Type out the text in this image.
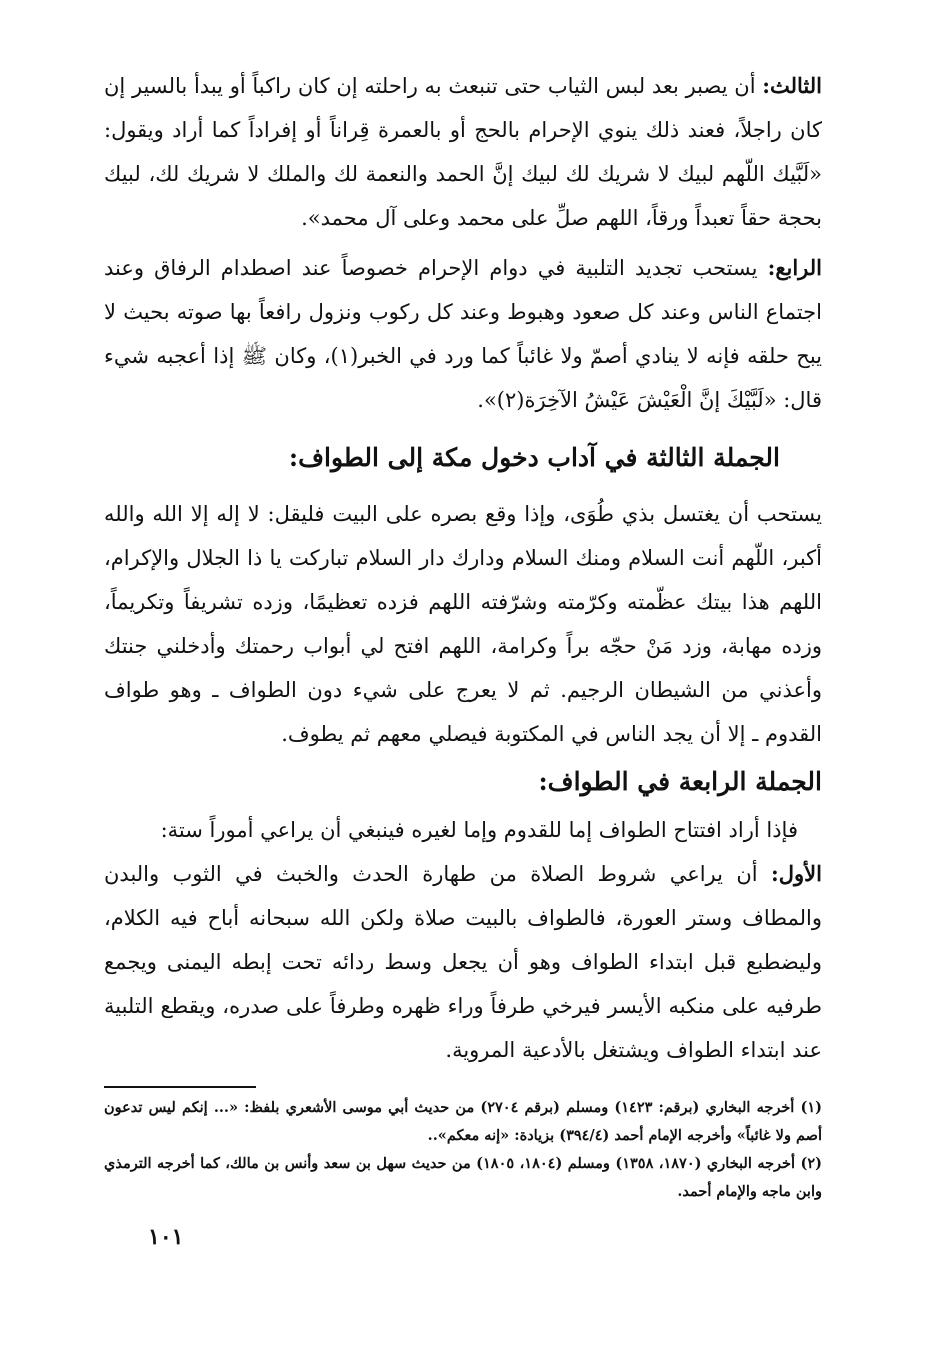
الثالث: أن يصبر بعد لبس الثياب حتى تنبعث به راحلته إن كان راكباً أو يبدأ بالسير إن كان راجلاً، فعند ذلك ينوي الإحرام بالحج أو بالعمرة قِراناً أو إفراداً كما أراد ويقول: «لَبَّيك اللّهم لبيك لا شريك لك لبيك إنَّ الحمد والنعمة لك والملك لا شريك لك، لبيك بحجة حقاً تعبداً ورقاً، اللهم صلِّ على محمد وعلى آل محمد».

الرابع: يستحب تجديد التلبية في دوام الإحرام خصوصاً عند اصطدام الرفاق وعند اجتماع الناس وعند كل صعود وهبوط وعند كل ركوب ونزول رافعاً بها صوته بحيث لا يبح حلقه فإنه لا ينادي أصمّ ولا غائباً كما ورد في الخبر(١)، وكان ﷺ إذا أعجبه شيء قال: «لَبَّيْكَ إنَّ الْعَيْشَ عَيْشُ الآخِرَة(٢)».

الجملة الثالثة في آداب دخول مكة إلى الطواف:

يستحب أن يغتسل بذي طُوَى، وإذا وقع بصره على البيت فليقل: لا إله إلا الله والله أكبر، اللّهم أنت السلام ومنك السلام ودارك دار السلام تباركت يا ذا الجلال والإكرام، اللهم هذا بيتك عظّمته وكرّمته وشرّفته اللهم فزده تعظيمًا، وزده تشريفاً وتكريماً، وزده مهابة، وزد مَنْ حجّه براً وكرامة، اللهم افتح لي أبواب رحمتك وأدخلني جنتك وأعذني من الشيطان الرجيم. ثم لا يعرج على شيء دون الطواف ـ وهو طواف القدوم ـ إلا أن يجد الناس في المكتوبة فيصلي معهم ثم يطوف.

الجملة الرابعة في الطواف:

فإذا أراد افتتاح الطواف إما للقدوم وإما لغيره فينبغي أن يراعي أموراً ستة:

الأول: أن يراعي شروط الصلاة من طهارة الحدث والخبث في الثوب والبدن والمطاف وستر العورة، فالطواف بالبيت صلاة ولكن الله سبحانه أباح فيه الكلام، وليضطبع قبل ابتداء الطواف وهو أن يجعل وسط ردائه تحت إبطه اليمنى ويجمع طرفيه على منكبه الأيسر فيرخي طرفاً وراء ظهره وطرفاً على صدره، ويقطع التلبية عند ابتداء الطواف ويشتغل بالأدعية المروية.

(١) أخرجه البخاري (برقم: ١٤٢٣) ومسلم (برقم ٢٧٠٤) من حديث أبي موسى الأشعري بلفظ: «... إنكم ليس تدعون أصم ولا غائباً» وأخرجه الإمام أحمد (٣٩٤/٤) بزيادة: «إنه معكم»..

(٢) أخرجه البخاري (١٨٧٠، ١٣٥٨) ومسلم (١٨٠٤، ١٨٠٥) من حديث سهل بن سعد وأنس بن مالك، كما أخرجه الترمذي وابن ماجه والإمام أحمد.

١٠١
